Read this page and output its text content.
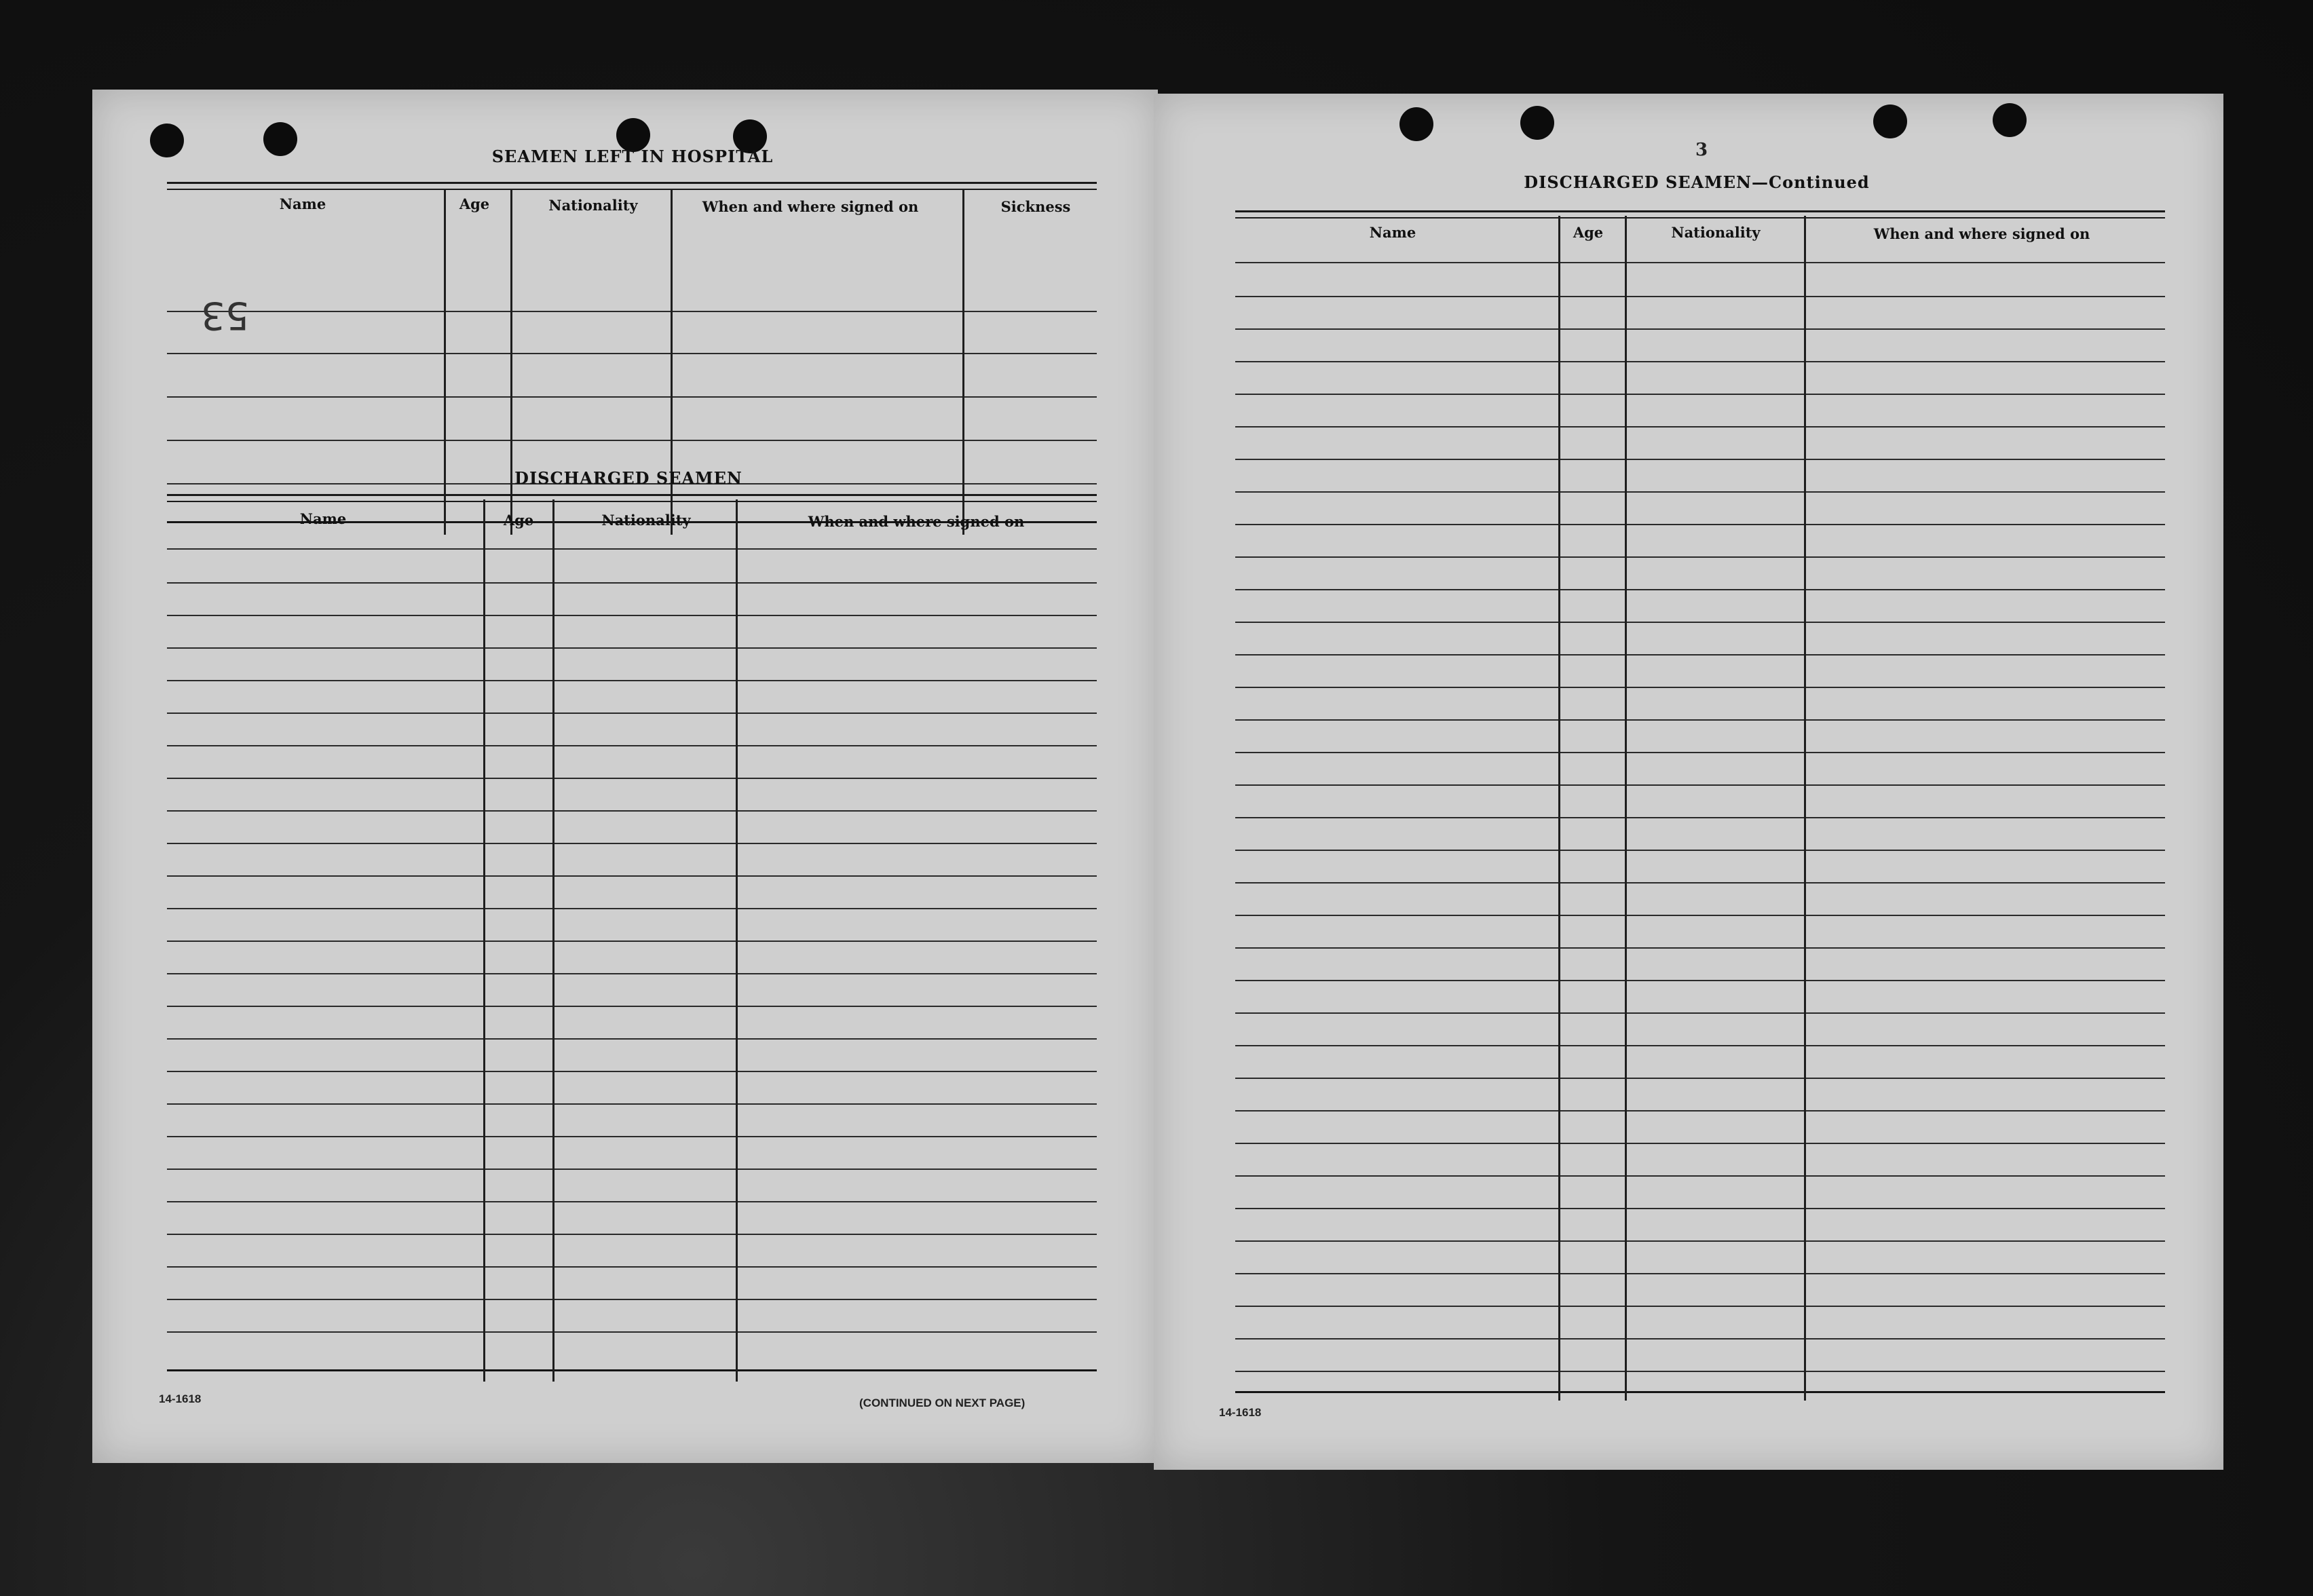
SEAMEN LEFT IN HOSPITAL
Name	Age	Nationality	When and where signed on	Sickness
53
DISCHARGED SEAMEN
Name	Age	Nationality	When and where signed on
14-1618	(CONTINUED ON NEXT PAGE)
3
DISCHARGED SEAMEN—Continued
Name	Age	Nationality	When and where signed on
14-1618
